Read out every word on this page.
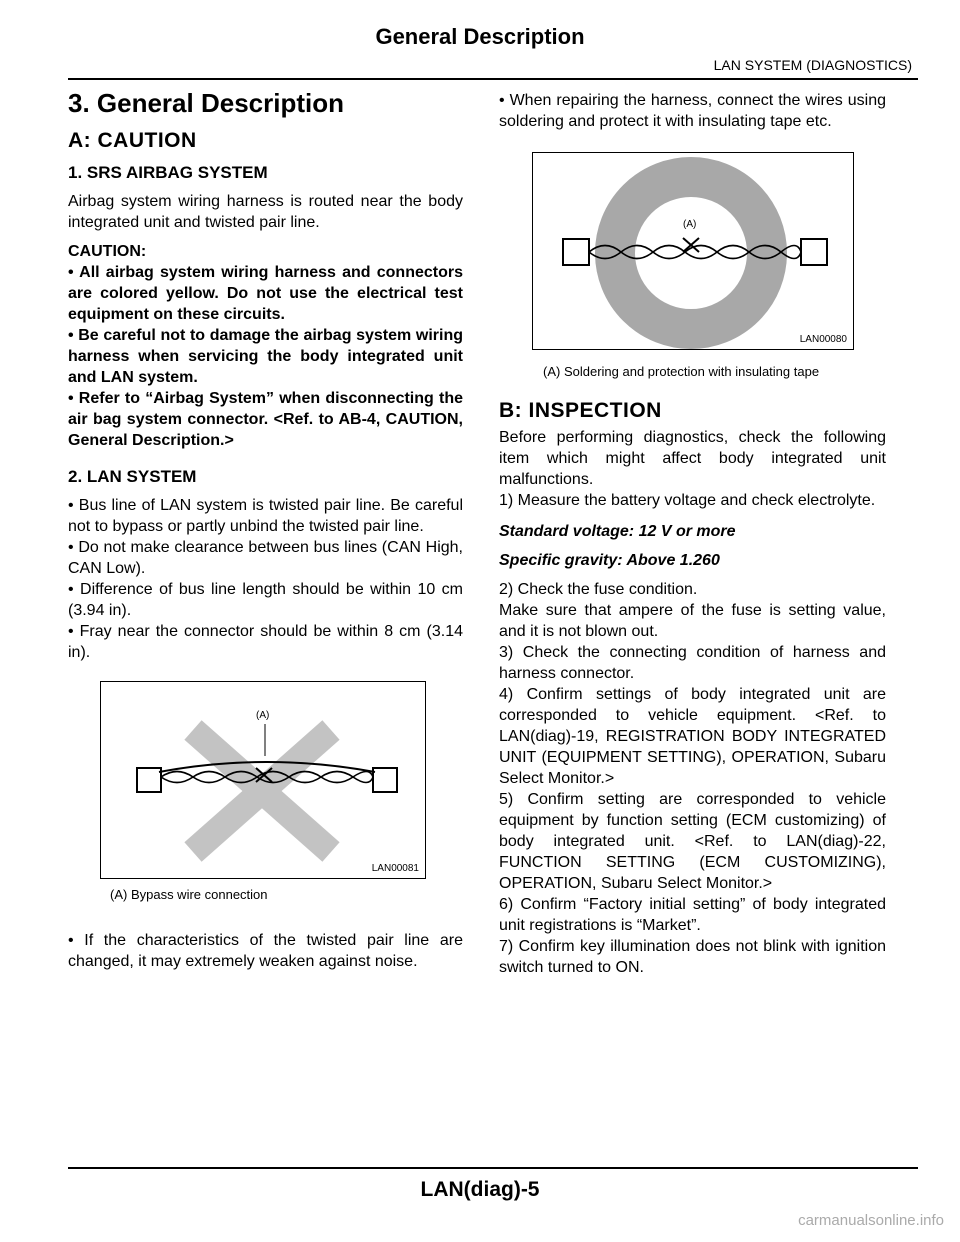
General Description
LAN SYSTEM (DIAGNOSTICS)
3. General Description
A: CAUTION
1. SRS AIRBAG SYSTEM

Airbag system wiring harness is routed near the body integrated unit and twisted pair line.

CAUTION:

• All airbag system wiring harness and connectors are colored yellow. Do not use the electrical test equipment on these circuits.

• Be careful not to damage the airbag system wiring harness when servicing the body integrated unit and LAN system.

• Refer to “Airbag System” when disconnecting the air bag system connector. <Ref. to AB-4, CAUTION, General Description.>

2. LAN SYSTEM

• Bus line of LAN system is twisted pair line. Be careful not to bypass or partly unbind the twisted pair line.

• Do not make clearance between bus lines (CAN High, CAN Low).

• Difference of bus line length should be within 10 cm (3.94 in).

• Fray near the connector should be within 8 cm (3.14 in).

(A)
LAN00081
(A) Bypass wire connection

• If the characteristics of the twisted pair line are changed, it may extremely weaken against noise.

• When repairing the harness, connect the wires using soldering and protect it with insulating tape etc.

(A)
LAN00080
(A) Soldering and protection with insulating tape
B: INSPECTION

Before performing diagnostics, check the following item which might affect body integrated unit malfunctions.

1) Measure the battery voltage and check electrolyte.

Standard voltage: 12 V or more

Specific gravity: Above 1.260

2) Check the fuse condition.

Make sure that ampere of the fuse is setting value, and it is not blown out.

3) Check the connecting condition of harness and harness connector.

4) Confirm settings of body integrated unit are corresponded to vehicle equipment. <Ref. to LAN(diag)-19, REGISTRATION BODY INTEGRATED UNIT (EQUIPMENT SETTING), OPERATION, Subaru Select Monitor.>

5) Confirm setting are corresponded to vehicle equipment by function setting (ECM customizing) of body integrated unit. <Ref. to LAN(diag)-22, FUNCTION SETTING (ECM CUSTOMIZING), OPERATION, Subaru Select Monitor.>

6) Confirm “Factory initial setting” of body integrated unit registrations is “Market”.

7) Confirm key illumination does not blink with ignition switch turned to ON.

LAN(diag)-5
carmanualsonline.info
